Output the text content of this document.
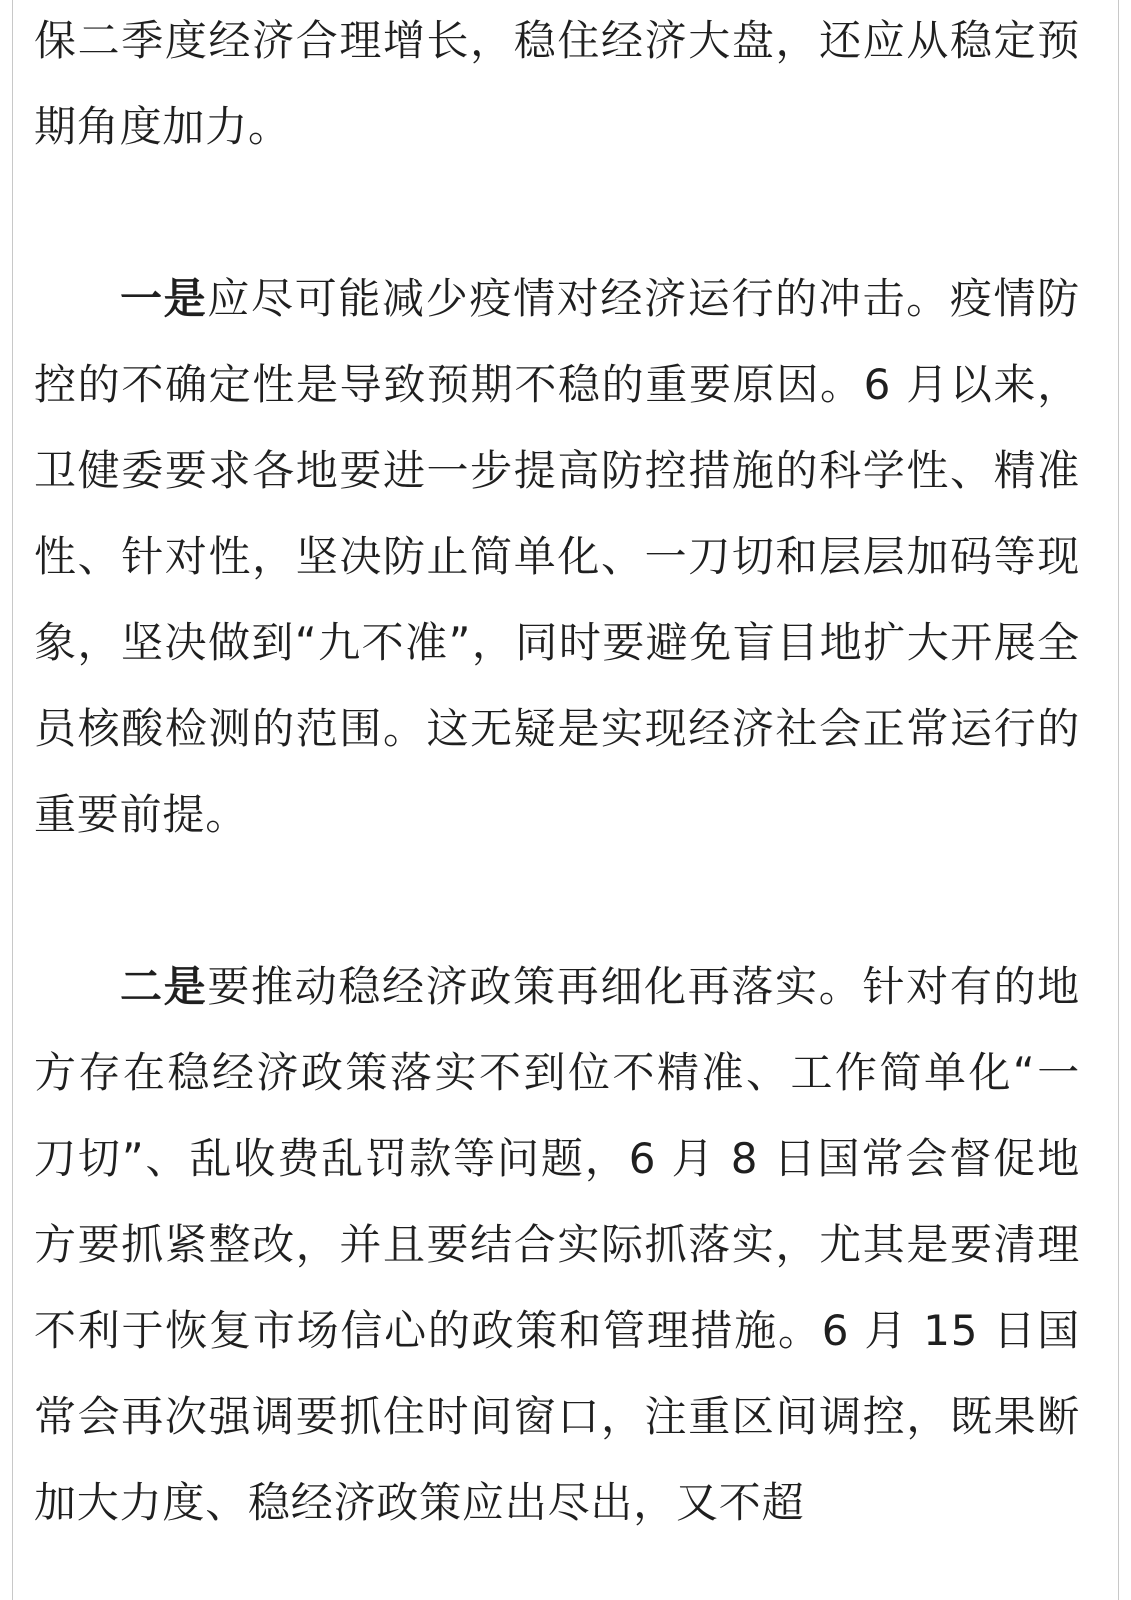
保二季度经济合理增长，稳住经济大盘，还应从稳定预期角度加力。

一是应尽可能减少疫情对经济运行的冲击。疫情防控的不确定性是导致预期不稳的重要原因。6 月以来，卫健委要求各地要进一步提高防控措施的科学性、精准性、针对性，坚决防止简单化、一刀切和层层加码等现象，坚决做到“九不准”，同时要避免盲目地扩大开展全员核酸检测的范围。这无疑是实现经济社会正常运行的重要前提。

二是要推动稳经济政策再细化再落实。针对有的地方存在稳经济政策落实不到位不精准、工作简单化“一刀切”、乱收费乱罚款等问题，6 月 8 日国常会督促地方要抓紧整改，并且要结合实际抓落实，尤其是要清理不利于恢复市场信心的政策和管理措施。6 月 15 日国常会再次强调要抓住时间窗口，注重区间调控，既果断加大力度、稳经济政策应出尽出，又不超
